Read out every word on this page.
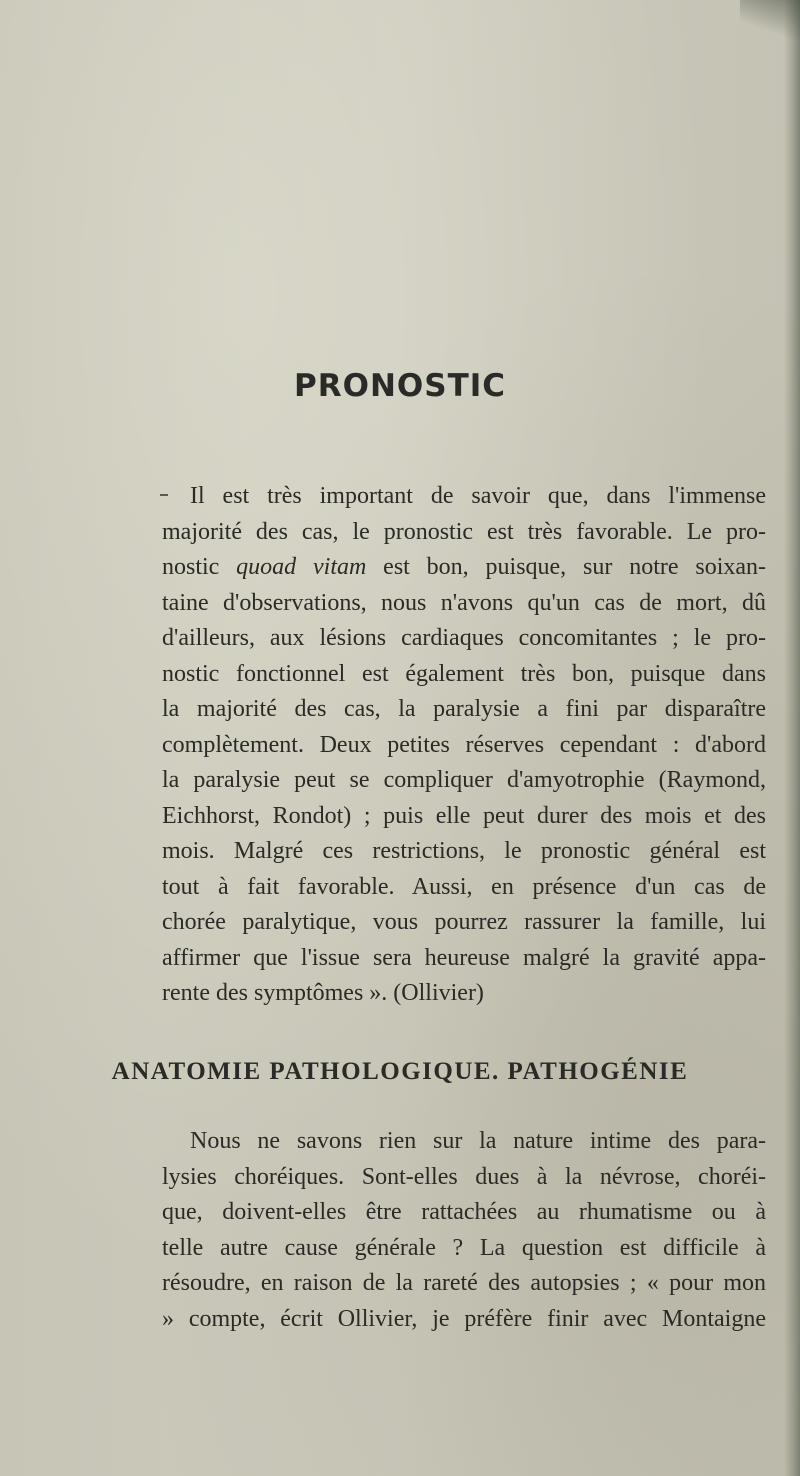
PRONOSTIC
Il est très important de savoir que, dans l'immense
majorité des cas, le pronostic est très favorable. Le pro-
nostic quoad vitam est bon, puisque, sur notre soixan-
taine d'observations, nous n'avons qu'un cas de mort, dû
d'ailleurs, aux lésions cardiaques concomitantes ; le pro-
nostic fonctionnel est également très bon, puisque dans
la majorité des cas, la paralysie a fini par disparaître
complètement. Deux petites réserves cependant : d'abord
la paralysie peut se compliquer d'amyotrophie (Raymond,
Eichhorst, Rondot) ; puis elle peut durer des mois et des
mois. Malgré ces restrictions, le pronostic général est
tout à fait favorable. Aussi, en présence d'un cas de
chorée paralytique, vous pourrez rassurer la famille, lui
affirmer que l'issue sera heureuse malgré la gravité appa-
rente des symptômes ». (Ollivier)
ANATOMIE PATHOLOGIQUE. PATHOGÉNIE
Nous ne savons rien sur la nature intime des para-
lysies choréiques. Sont-elles dues à la névrose, choréi-
que, doivent-elles être rattachées au rhumatisme ou à
telle autre cause générale ? La question est difficile à
résoudre, en raison de la rareté des autopsies ; « pour mon
» compte, écrit Ollivier, je préfère finir avec Montaigne
